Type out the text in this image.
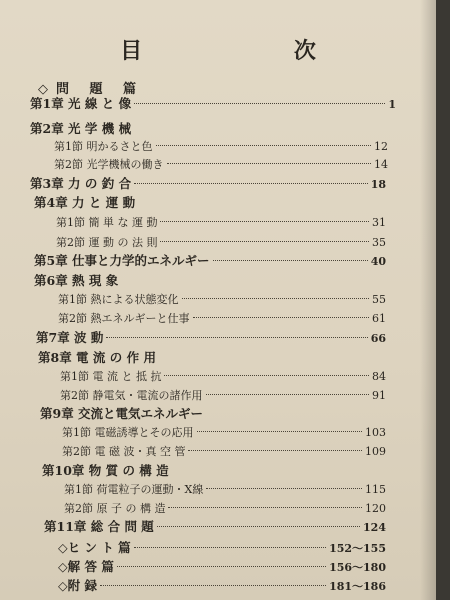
目 次
◇問 題 篇
第1章 光 線 と 像	1
第2章 光 学 機 械
第1節 明かるさと色	12
第2節 光学機械の働き	14
第3章 力 の 釣 合	18
第4章 力 と 運 動
第1節 簡 単 な 運 動	31
第2節 運 動 の 法 則	35
第5章 仕事と力学的エネルギー	40
第6章 熱 現 象
第1節 熱による状態変化	55
第2節 熱エネルギーと仕事	61
第7章 波 動	66
第8章 電 流 の 作 用
第1節 電 流 と 抵 抗	84
第2節 静電気・電流の諸作用	91
第9章 交流と電気エネルギー
第1節 電磁誘導とその応用	103
第2節 電 磁 波・真 空 管	109
第10章 物 質 の 構 造
第1節 荷電粒子の運動・X線	115
第2節 原 子 の 構 造	120
第11章 総 合 問 題	124
◇ヒ ン ト 篇	152～155
◇解 答 篇	156～180
◇附 録	181～186
